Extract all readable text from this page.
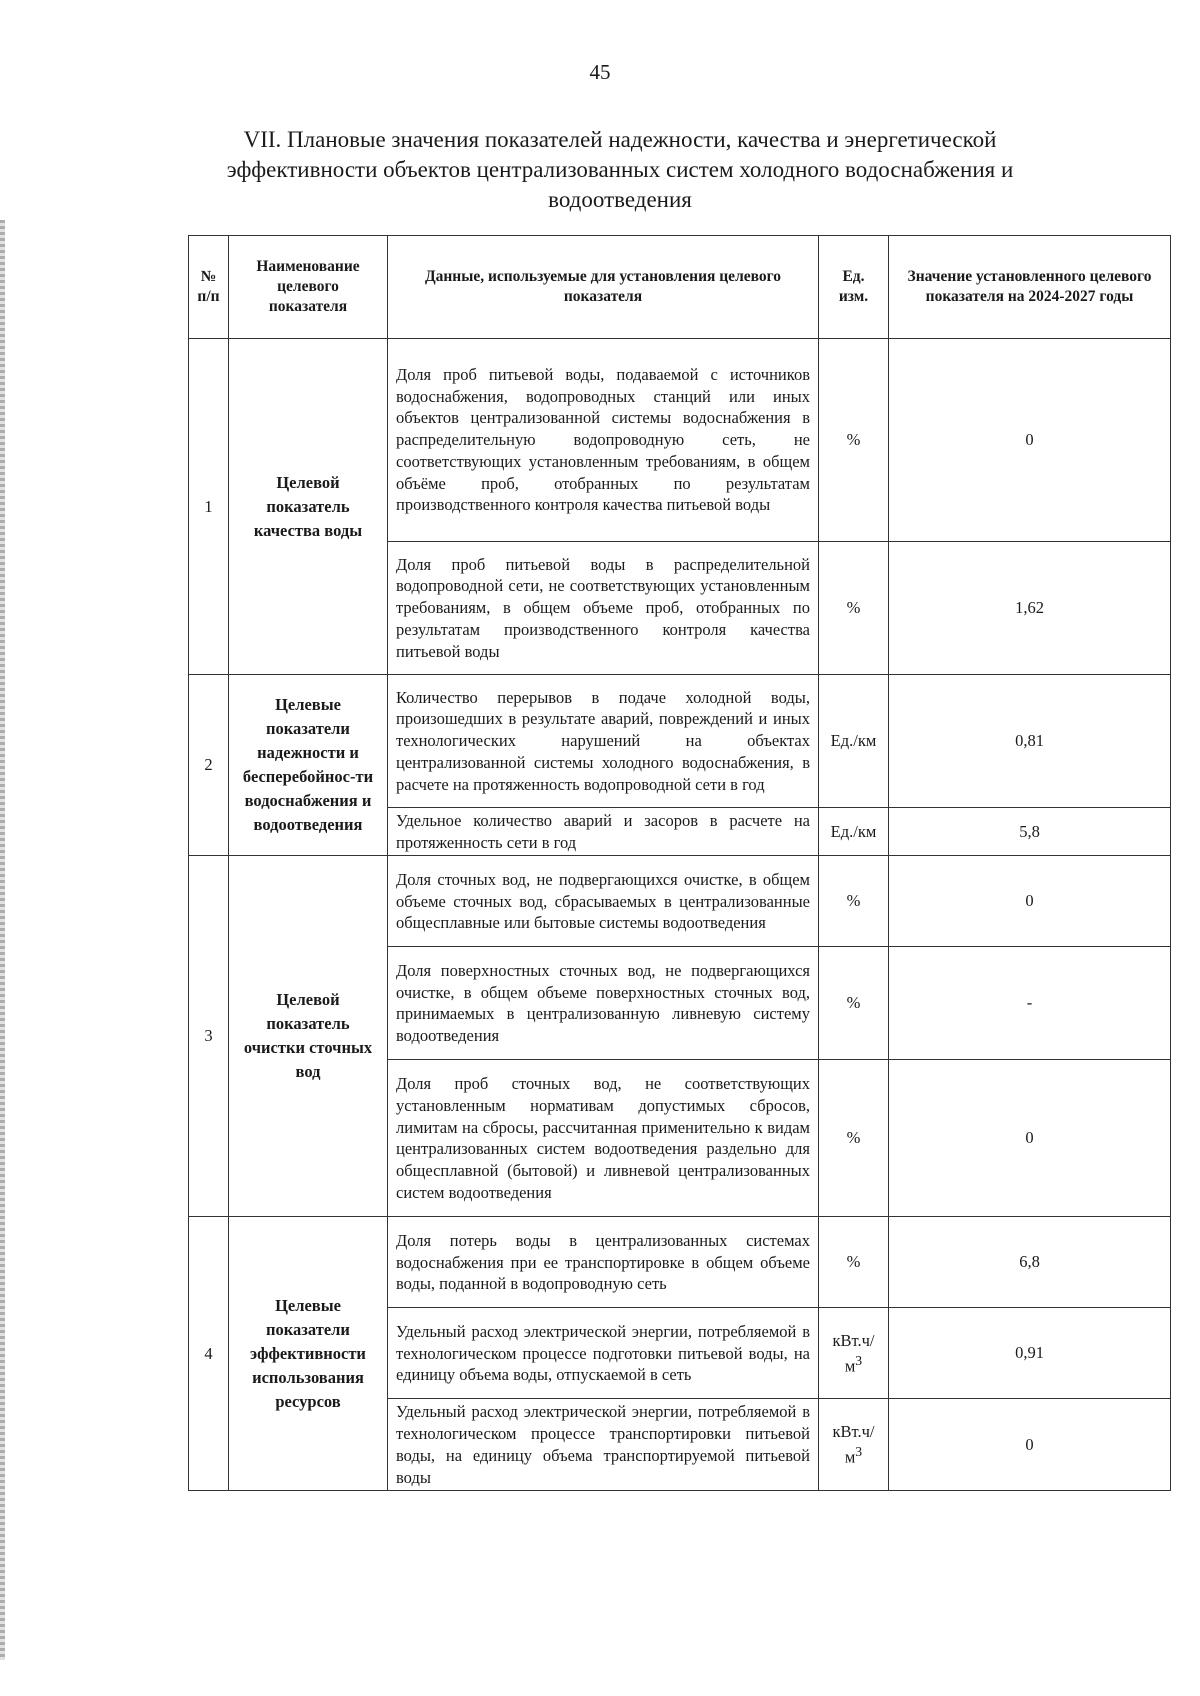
45
VII. Плановые значения показателей надежности, качества и энергетической эффективности объектов централизованных систем холодного водоснабжения и водоотведения
№ п/п	Наименование целевого показателя	Данные, используемые для установления целевого показателя	Ед. изм.	Значение установленного целевого показателя на 2024-2027 годы
1	Целевой показатель качества воды	Доля проб питьевой воды, подаваемой с источников водоснабжения, водопроводных станций или иных объектов централизованной системы водоснабжения в распределительную водопроводную сеть, не соответствующих установленным требованиям, в общем объёме проб, отобранных по результатам производственного контроля качества питьевой воды	%	0
		Доля проб питьевой воды в распределительной водопроводной сети, не соответствующих установленным требованиям, в общем объеме проб, отобранных по результатам производственного контроля качества питьевой воды	%	1,62
2	Целевые показатели надежности и бесперебойнос-ти водоснабжения и водоотведения	Количество перерывов в подаче холодной воды, произошедших в результате аварий, повреждений и иных технологических нарушений на объектах централизованной системы холодного водоснабжения, в расчете на протяженность водопроводной сети в год	Ед./км	0,81
		Удельное количество аварий и засоров в расчете на протяженность сети в год	Ед./км	5,8
3	Целевой показатель очистки сточных вод	Доля сточных вод, не подвергающихся очистке, в общем объеме сточных вод, сбрасываемых в централизованные общесплавные или бытовые системы водоотведения	%	0
		Доля поверхностных сточных вод, не подвергающихся очистке, в общем объеме поверхностных сточных вод, принимаемых в централизованную ливневую систему водоотведения	%	-
		Доля проб сточных вод, не соответствующих установленным нормативам допустимых сбросов, лимитам на сбросы, рассчитанная применительно к видам централизованных систем водоотведения раздельно для общесплавной (бытовой) и ливневой централизованных систем водоотведения	%	0
4	Целевые показатели эффективности использования ресурсов	Доля потерь воды в централизованных системах водоснабжения при ее транспортировке в общем объеме воды, поданной в водопроводную сеть	%	6,8
		Удельный расход электрической энергии, потребляемой в технологическом процессе подготовки питьевой воды, на единицу объема воды, отпускаемой в сеть	кВт.ч/ $м^3$	0,91
		Удельный расход электрической энергии, потребляемой в технологическом процессе транспортировки питьевой воды, на единицу объема транспортируемой питьевой воды	кВт.ч/ $м^3$	0
